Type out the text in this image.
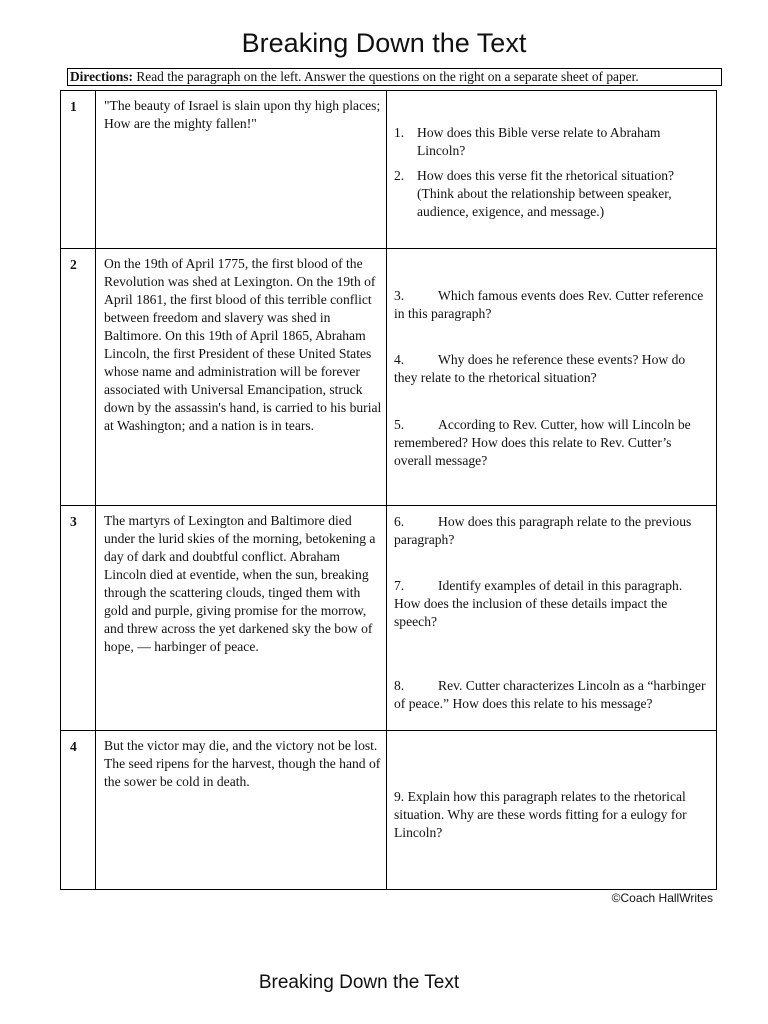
Breaking Down the Text
Directions: Read the paragraph on the left. Answer the questions on the right on a separate sheet of paper.
1	"The beauty of Israel is slain upon thy high places; How are the mighty fallen!"
1. How does this Bible verse relate to Abraham Lincoln?
2. How does this verse fit the rhetorical situation? (Think about the relationship between speaker, audience, exigence, and message.)
2	On the 19th of April 1775, the first blood of the Revolution was shed at Lexington. On the 19th of April 1861, the first blood of this terrible conflict between freedom and slavery was shed in Baltimore. On this 19th of April 1865, Abraham Lincoln, the first President of these United States whose name and administration will be forever associated with Universal Emancipation, struck down by the assassin's hand, is carried to his burial at Washington; and a nation is in tears.
3. Which famous events does Rev. Cutter reference in this paragraph?
4. Why does he reference these events? How do they relate to the rhetorical situation?
5. According to Rev. Cutter, how will Lincoln be remembered? How does this relate to Rev. Cutter’s overall message?
3	The martyrs of Lexington and Baltimore died under the lurid skies of the morning, betokening a day of dark and doubtful conflict. Abraham Lincoln died at eventide, when the sun, breaking through the scattering clouds, tinged them with gold and purple, giving promise for the morrow, and threw across the yet darkened sky the bow of hope, — harbinger of peace.
6. How does this paragraph relate to the previous paragraph?
7. Identify examples of detail in this paragraph.
How does the inclusion of these details impact the speech?
8. Rev. Cutter characterizes Lincoln as a “harbinger of peace.” How does this relate to his message?
4	But the victor may die, and the victory not be lost. The seed ripens for the harvest, though the hand of the sower be cold in death.
9. Explain how this paragraph relates to the rhetorical situation. Why are these words fitting for a eulogy for Lincoln?
©Coach HallWrites
Breaking Down the Text
